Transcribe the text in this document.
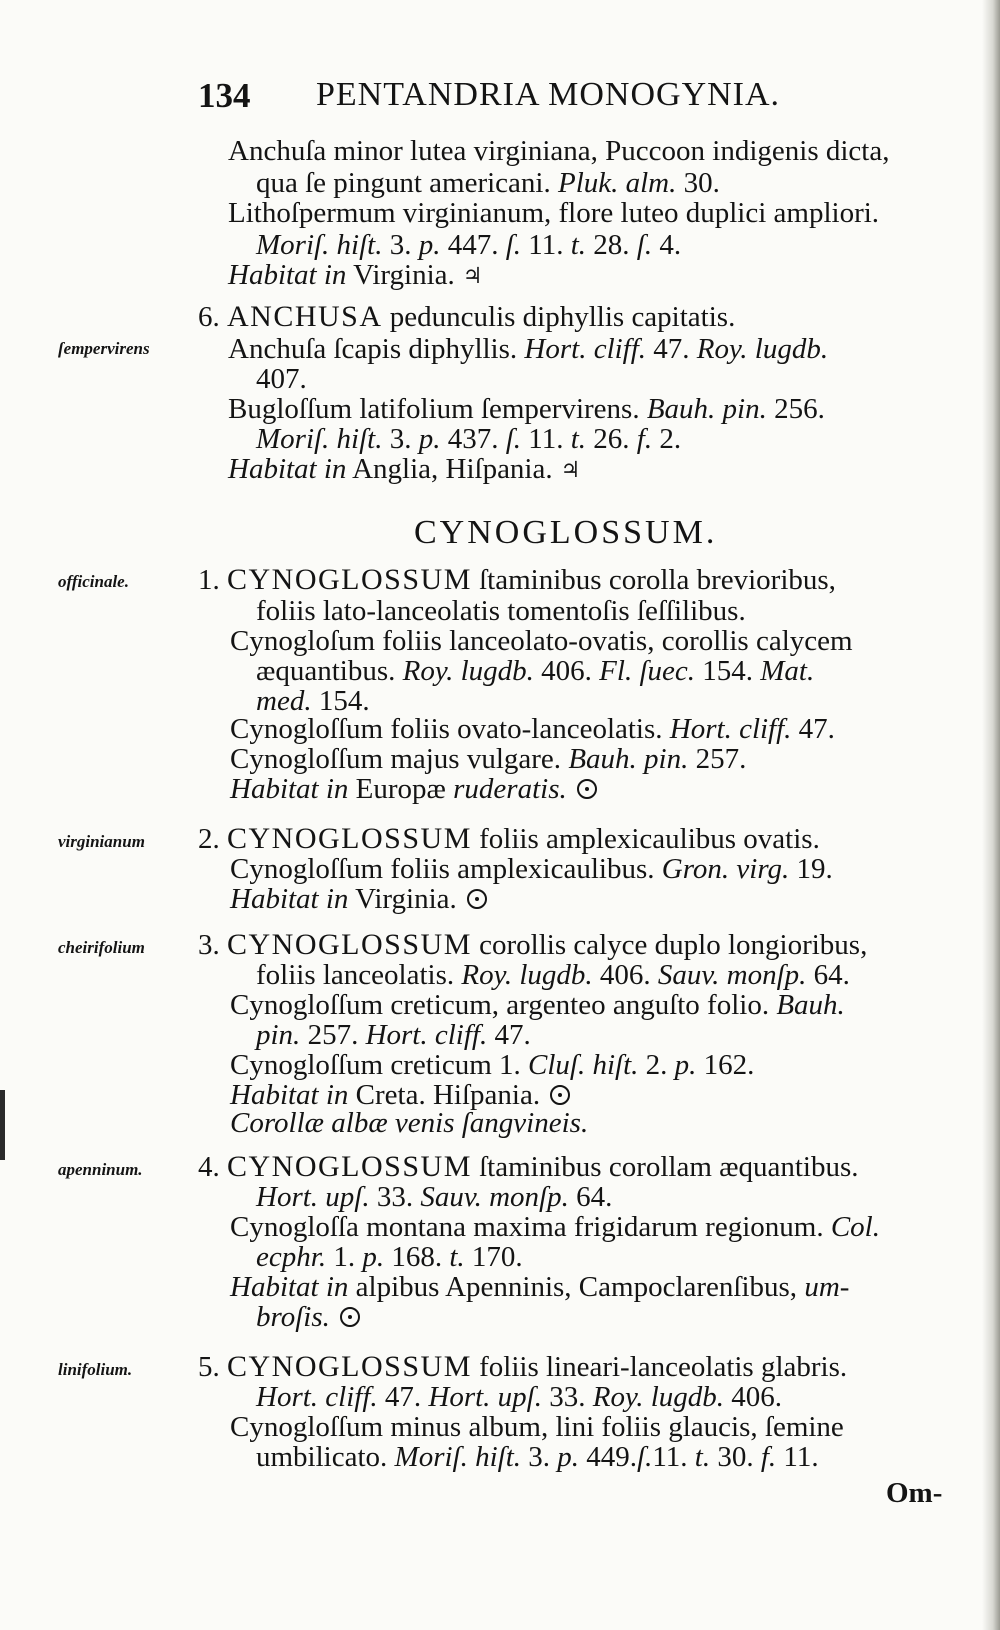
134 PENTANDRIA MONOGYNIA.
Anchuſa minor lutea virginiana, Puccoon indigenis dicta,
qua ſe pingunt americani. Pluk. alm. 30.
Lithoſpermum virginianum, flore luteo duplici ampliori.
Moriſ. hiſt. 3. p. 447. ſ. 11. t. 28. ſ. 4.
Habitat in Virginia. ♃
6. ANCHUSA pedunculis diphyllis capitatis.
ſempervirens	Anchuſa ſcapis diphyllis. Hort. cliff. 47. Roy. lugdb.
407.
Bugloſſum latifolium ſempervirens. Bauh. pin. 256.
Moriſ. hiſt. 3. p. 437. ſ. 11. t. 26. f. 2.
Habitat in Anglia, Hiſpania. ♃
CYNOGLOSSUM.
officinale. 1. CYNOGLOSSUM ſtaminibus corolla brevioribus,
foliis lato-lanceolatis tomentoſis ſeſſilibus.
Cynogloſum foliis lanceolato-ovatis, corollis calycem
æquantibus. Roy. lugdb. 406. Fl. ſuec. 154. Mat.
med. 154.
Cynogloſſum foliis ovato-lanceolatis. Hort. cliff. 47.
Cynogloſſum majus vulgare. Bauh. pin. 257.
Habitat in Europæ ruderatis.
virginianum 2. CYNOGLOSSUM foliis amplexicaulibus ovatis.
Cynogloſſum foliis amplexicaulibus. Gron. virg. 19.
Habitat in Virginia.
cheirifolium 3. CYNOGLOSSUM corollis calyce duplo longioribus,
foliis lanceolatis. Roy. lugdb. 406. Sauv. monſp. 64.
Cynogloſſum creticum, argenteo anguſto folio. Bauh.
pin. 257. Hort. cliff. 47.
Cynogloſſum creticum 1. Cluſ. hiſt. 2. p. 162.
Habitat in Creta. Hiſpania.
Corollæ albæ venis ſangvineis.
apenninum. 4. CYNOGLOSSUM ſtaminibus corollam æquantibus.
Hort. upſ. 33. Sauv. monſp. 64.
Cynogloſſa montana maxima frigidarum regionum. Col.
ecphr. 1. p. 168. t. 170.
Habitat in alpibus Apenninis, Campoclarenſibus, um-
broſis.
linifolium. 5. CYNOGLOSSUM foliis lineari-lanceolatis glabris.
Hort. cliff. 47. Hort. upſ. 33. Roy. lugdb. 406.
Cynogloſſum minus album, lini foliis glaucis, ſemine
umbilicato. Moriſ. hiſt. 3. p. 449.ſ.11. t. 30. f. 11.
Om-
